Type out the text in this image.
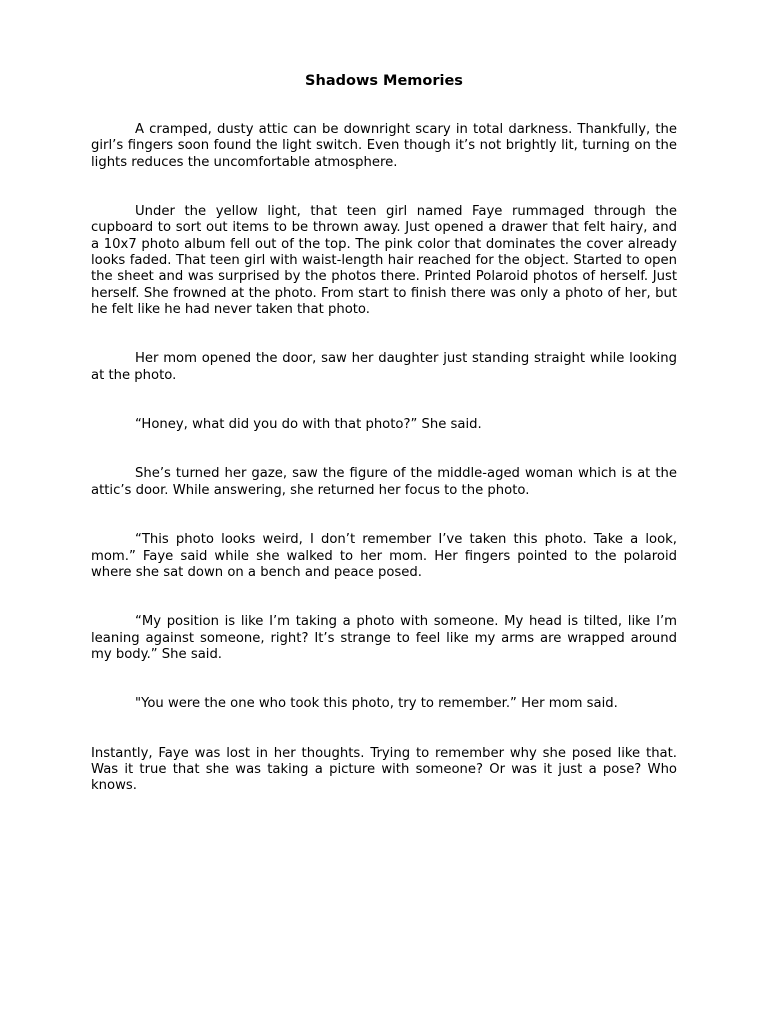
Shadows Memories

A cramped, dusty attic can be downright scary in total darkness. Thankfully, the girl’s fingers soon found the light switch. Even though it’s not brightly lit, turning on the lights reduces the uncomfortable atmosphere.

Under the yellow light, that teen girl named Faye rummaged through the cupboard to sort out items to be thrown away. Just opened a drawer that felt hairy, and a 10x7 photo album fell out of the top. The pink color that dominates the cover already looks faded. That teen girl with waist-length hair reached for the object. Started to open the sheet and was surprised by the photos there. Printed Polaroid photos of herself. Just herself. She frowned at the photo. From start to finish there was only a photo of her, but he felt like he had never taken that photo.

Her mom opened the door, saw her daughter just standing straight while looking at the photo.

“Honey, what did you do with that photo?” She said.

She’s turned her gaze, saw the figure of the middle-aged woman which is at the attic’s door. While answering, she returned her focus to the photo.

“This photo looks weird, I don’t remember I’ve taken this photo. Take a look, mom.” Faye said while she walked to her mom. Her fingers pointed to the polaroid where she sat down on a bench and peace posed.

“My position is like I’m taking a photo with someone. My head is tilted, like I’m leaning against someone, right? It’s strange to feel like my arms are wrapped around my body.” She said.

"You were the one who took this photo, try to remember.” Her mom said.

Instantly, Faye was lost in her thoughts. Trying to remember why she posed like that. Was it true that she was taking a picture with someone? Or was it just a pose? Who knows.
